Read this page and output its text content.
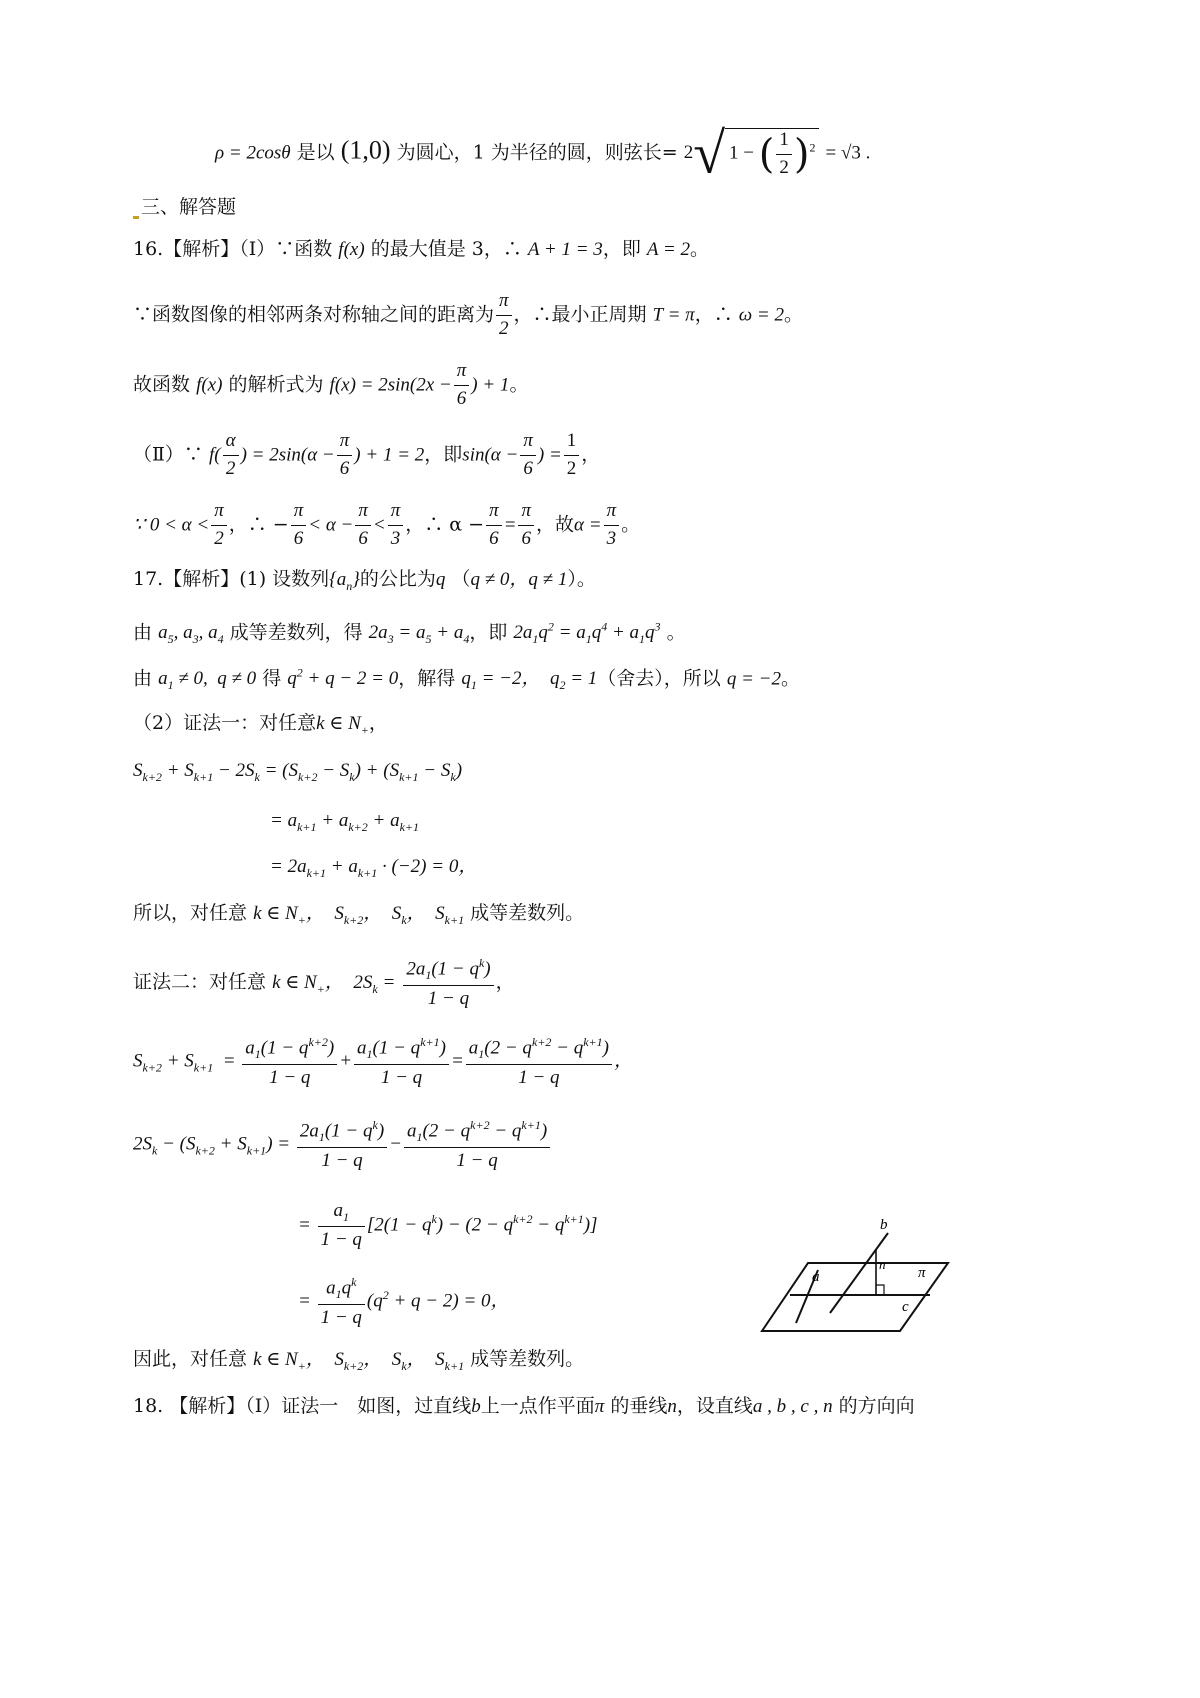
ρ = 2cosθ 是以 (1,0) 为圆心，1 为半径的圆，则弦长= 2√ 1 − ( $\frac{1}{2} )^2 = √3$ .
三、解答题
16.【解析】（Ⅰ）∵函数 f(x) 的最大值是 3，∴ A + 1 = 3，即 A = 2。
∵函数图像的相邻两条对称轴之间的距离为 $\frac{\pi}{2}$ ，∴最小正周期 T = π，∴ ω = 2。
故函数 f(x) 的解析式为 $f(x) = 2\sin(2x - \frac{\pi}{6}$ ) + 1。
（Ⅱ）∵ $f( \frac{\alpha}{2}$ ) = $2\sin(\alpha - \frac{\pi}{6}$ ) + 1 = 2，即$\sin(\alpha - \frac{\pi}{6}$ ) = $\frac{1}{2}$ ，
∵ $0 < \alpha < \frac{\pi}{2}$ ，∴ − $\frac{\pi}{6} < \alpha - \frac{\pi}{6} < \frac{\pi}{3}$ ，∴ $\alpha - \frac{\pi}{6} = \frac{\pi}{6}$ ，故$\alpha = \frac{\pi}{3}$ 。
17.【解析】(1) 设数列$\{a_n\}$的公比为q （q ≠ 0，q ≠ 1）。
由 $a_5$, $a_3$, $a_4$ 成等差数列，得 $2a_3 = a_5 + a_4$，即 $2a_1q^2 = a_1q^4 + a_1q^3$ 。
由 $a_1 \ne 0$,  q ≠ 0 得 $q^2 + q - 2 = 0$，解得 $q_1 = -2$，  $q_2 = 1$（舍去），所以 q = −2。
（2）证法一：对任意k ∈ $N_+$，
$S_{k+2} + S_{k+1} - 2S_k = (S_{k+2} - S_k) + (S_{k+1} - S_k)$
= $a_{k+1} + a_{k+2} + a_{k+1}$
= $2a_{k+1} + a_{k+1} \cdot (-2) = 0$，
所以，对任意 k ∈ $N_+$，  $S_{k+2}$，  $S_k$，  $S_{k+1}$ 成等差数列。
证法二：对任意 k ∈ $N_+$，  $2S_k = \frac{2a_1(1 - q^k)}{1 - q}$ ，
$S_{k+2} + S_{k+1} = \frac{a_1(1 - q^{k+2})}{1 - q} + \frac{a_1(1 - q^{k+1})}{1 - q} = \frac{a_1(2 - q^{k+2} - q^{k+1})}{1 - q}$ ，
$2S_k - (S_{k+2} + S_{k+1}) = \frac{2a_1(1 - q^k)}{1 - q} - \frac{a_1(2 - q^{k+2} - q^{k+1})}{1 - q}$
= $\frac{a_1}{1 - q} [2(1 - q^k) - (2 - q^{k+2} - q^{k+1})]$
= $\frac{a_1q^k}{1 - q} (q^2 + q - 2) = 0$，
因此，对任意 k ∈ $N_+$，  $S_{k+2}$，  $S_k$，  $S_{k+1}$ 成等差数列。
18. 【解析】（Ⅰ）证法一　如图，过直线b上一点作平面π 的垂线n，设直线a , b , c , n 的方向向
b
a
n
π
c
